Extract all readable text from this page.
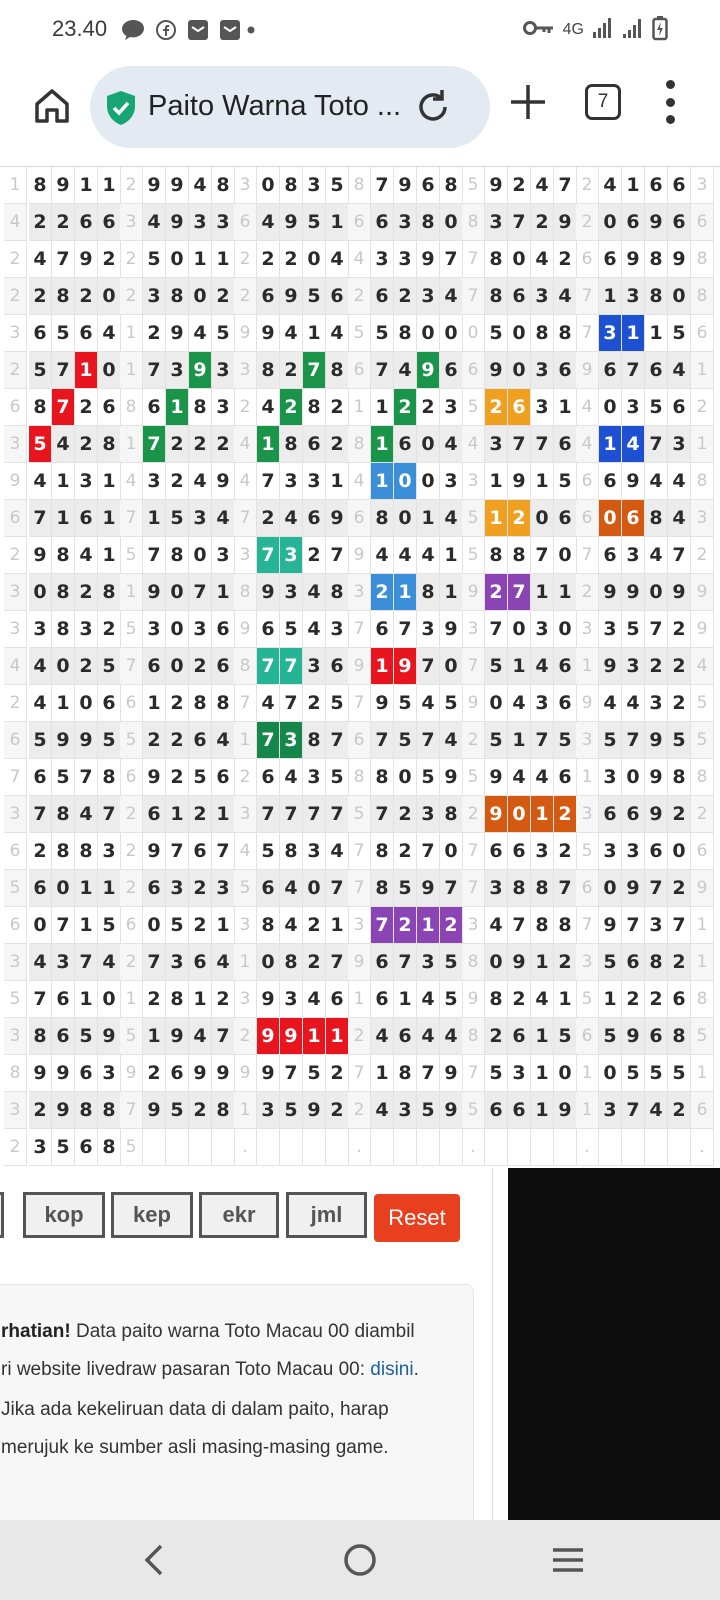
23.40	4G
Paito Warna Toto ...	7
1 8 9 1 1 2 9 9 4 8 3 0 8 3 5 8 7 9 6 8 5 9 2 4 7 2 4 1 6 6 3
4 2 2 6 6 3 4 9 3 3 6 4 9 5 1 6 6 3 8 0 8 3 7 2 9 2 0 6 9 6 6
2 4 7 9 2 2 5 0 1 1 2 2 2 0 4 4 3 3 9 7 7 8 0 4 2 6 6 9 8 9 8
2 2 8 2 0 2 3 8 0 2 2 6 9 5 6 2 6 2 3 4 7 8 6 3 4 7 1 3 8 0 8
3 6 5 6 4 1 2 9 4 5 9 9 4 1 4 5 5 8 0 0 0 5 0 8 8 7 3 1 1 5 6
2 5 7 1 0 1 7 3 9 3 3 8 2 7 8 6 7 4 9 6 6 9 0 3 6 9 6 7 6 4 1
6 8 7 2 6 8 6 1 8 3 2 4 2 8 2 1 1 2 2 3 5 2 6 3 1 4 0 3 5 6 2
3 5 4 2 8 1 7 2 2 2 4 1 8 6 2 8 1 6 0 4 4 3 7 7 6 4 1 4 7 3 1
9 4 1 3 1 4 3 2 4 9 4 7 3 3 1 4 1 0 0 3 3 1 9 1 5 6 6 9 4 4 8
6 7 1 6 1 7 1 5 3 4 7 2 4 6 9 6 8 0 1 4 5 1 2 0 6 6 0 6 8 4 3
2 9 8 4 1 5 7 8 0 3 3 7 3 2 7 9 4 4 4 1 5 8 8 7 0 7 6 3 4 7 2
3 0 8 2 8 1 9 0 7 1 8 9 3 4 8 3 2 1 8 1 9 2 7 1 1 2 9 9 0 9 9
3 3 8 3 2 5 3 0 3 6 9 6 5 4 3 7 6 7 3 9 3 7 0 3 0 3 3 5 7 2 9
4 4 0 2 5 7 6 0 2 6 8 7 7 3 6 9 1 9 7 0 7 5 1 4 6 1 9 3 2 2 4
2 4 1 0 6 6 1 2 8 8 7 4 7 2 5 7 9 5 4 5 9 0 4 3 6 9 4 4 3 2 5
6 5 9 9 5 5 2 2 6 4 1 7 3 8 7 6 7 5 7 4 2 5 1 7 5 3 5 7 9 5 5
7 6 5 7 8 6 9 2 5 6 2 6 4 3 5 8 8 0 5 9 5 9 4 4 6 1 3 0 9 8 8
3 7 8 4 7 2 6 1 2 1 3 7 7 7 7 5 7 2 3 8 2 9 0 1 2 3 6 6 9 2 2
6 2 8 8 3 2 9 7 6 7 4 5 8 3 4 7 8 2 7 0 7 6 6 3 2 5 3 3 6 0 6
5 6 0 1 1 2 6 3 2 3 5 6 4 0 7 7 8 5 9 7 7 3 8 8 7 6 0 9 7 2 9
6 0 7 1 5 6 0 5 2 1 3 8 4 2 1 3 7 2 1 2 3 4 7 8 8 7 9 7 3 7 1
3 4 3 7 4 2 7 3 6 4 1 0 8 2 7 9 6 7 3 5 8 0 9 1 2 3 5 6 8 2 1
5 7 6 1 0 1 2 8 1 2 3 9 3 4 6 1 6 1 4 5 9 8 2 4 1 5 1 2 2 6 8
3 8 6 5 9 5 1 9 4 7 2 9 9 1 1 2 4 6 4 4 8 2 6 1 5 6 5 9 6 8 5
8 9 9 6 3 9 2 6 9 9 9 9 7 5 2 7 1 8 7 9 7 5 3 1 0 1 0 5 5 5 1
3 2 9 8 8 7 9 5 2 8 1 3 5 9 2 2 4 3 5 9 5 6 6 1 9 1 3 7 4 2 6
2 3 5 6 8 5	.	.	.	.	.
kop	kep	ekr	jml	Reset
rhatian! Data paito warna Toto Macau 00 diambil
ri website livedraw pasaran Toto Macau 00: disini.
Jika ada kekeliruan data di dalam paito, harap
merujuk ke sumber asli masing-masing game.
